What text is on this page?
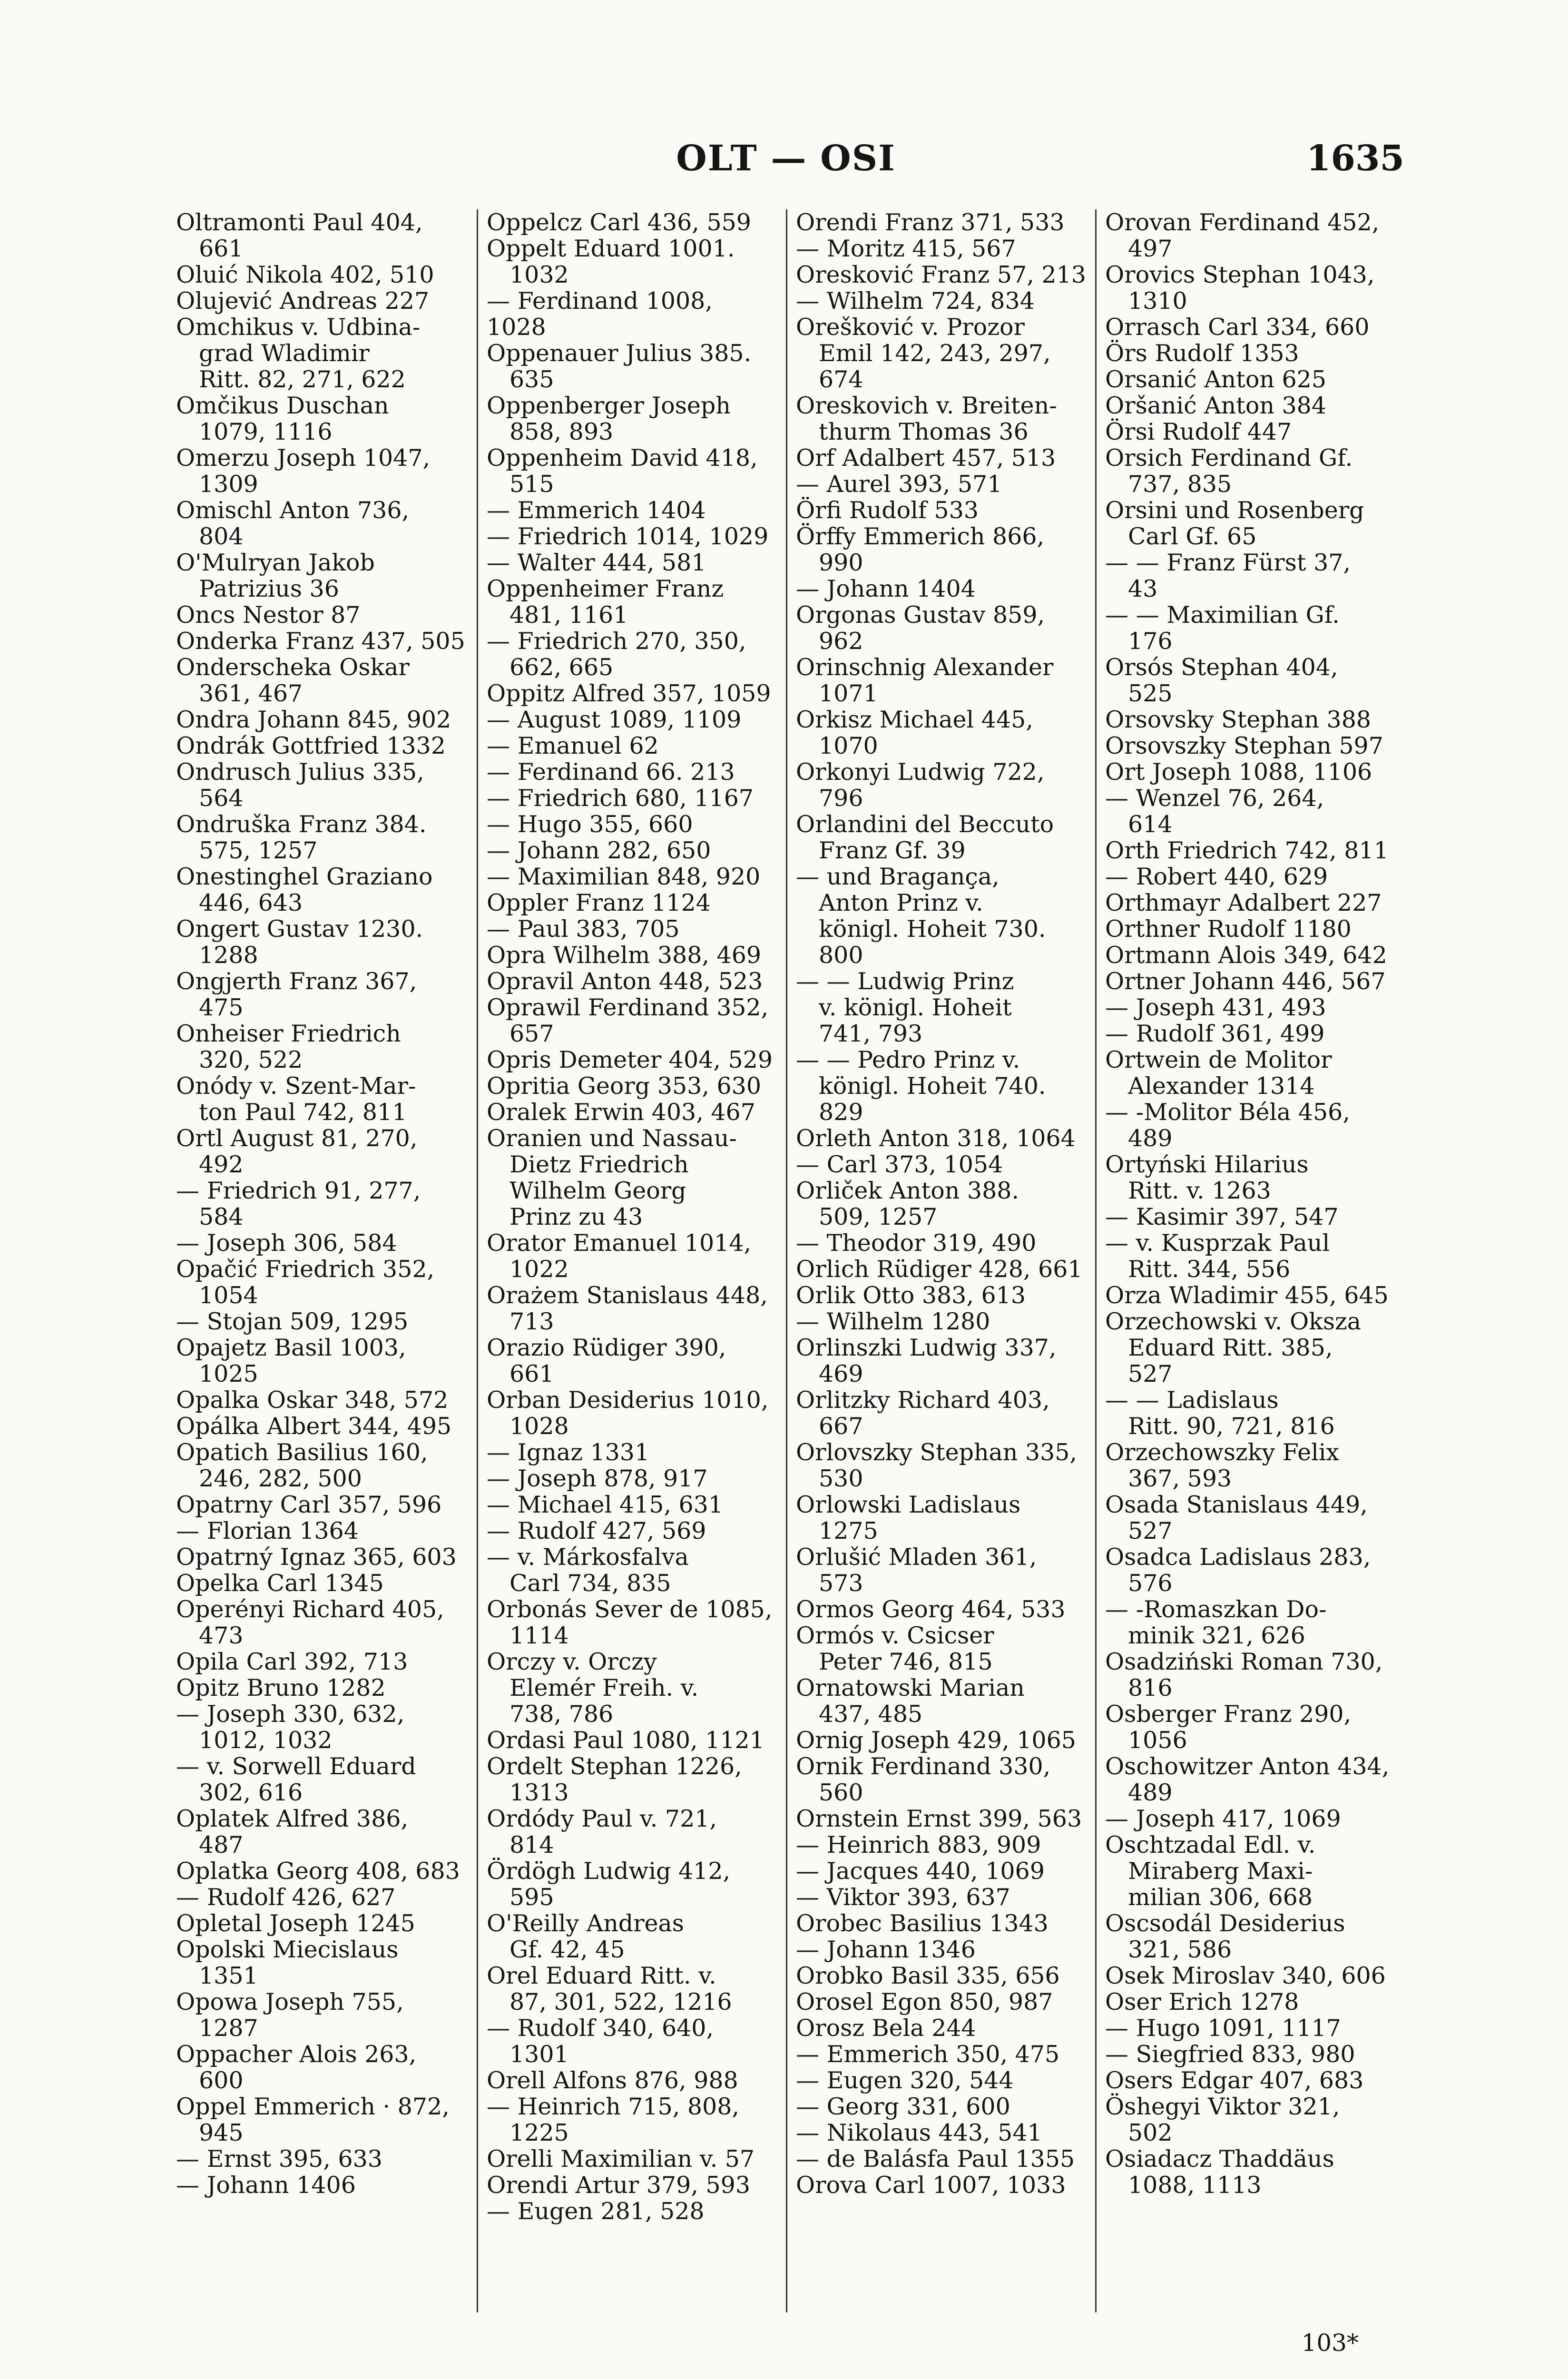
OLT — OSI	1635

Oltramonti Paul 404,

661

Oluić Nikola 402, 510

Olujević Andreas 227

Omchikus v. Udbina-

grad Wladimir

Ritt. 82, 271, 622

Omčikus Duschan

1079, 1116

Omerzu Joseph 1047,

1309

Omischl Anton 736,

804

O'Mulryan Jakob

Patrizius 36

Oncs Nestor 87

Onderka Franz 437, 505

Onderscheka Oskar

361, 467

Ondra Johann 845, 902

Ondrák Gottfried 1332

Ondrusch Julius 335,

564

Ondruška Franz 384.

575, 1257

Onestinghel Graziano

446, 643

Ongert Gustav 1230.

1288

Ongjerth Franz 367,

475

Onheiser Friedrich

320, 522

Onódy v. Szent-Mar-

ton Paul 742, 811

Ortl August 81, 270,

492

— Friedrich 91, 277,

584

— Joseph 306, 584

Opačić Friedrich 352,

1054

— Stojan 509, 1295

Opajetz Basil 1003,

1025

Opalka Oskar 348, 572

Opálka Albert 344, 495

Opatich Basilius 160,

246, 282, 500

Opatrny Carl 357, 596

— Florian 1364

Opatrný Ignaz 365, 603

Opelka Carl 1345

Operényi Richard 405,

473

Opila Carl 392, 713

Opitz Bruno 1282

— Joseph 330, 632,

1012, 1032

— v. Sorwell Eduard

302, 616

Oplatek Alfred 386,

487

Oplatka Georg 408, 683

— Rudolf 426, 627

Opletal Joseph 1245

Opolski Miecislaus

1351

Opowa Joseph 755,

1287

Oppacher Alois 263,

600

Oppel Emmerich · 872,

945

— Ernst 395, 633

— Johann 1406

Oppelcz Carl 436, 559

Oppelt Eduard 1001.

1032

— Ferdinand 1008, 1028

Oppenauer Julius 385.

635

Oppenberger Joseph

858, 893

Oppenheim David 418,

515

— Emmerich 1404

— Friedrich 1014, 1029

— Walter 444, 581

Oppenheimer Franz

481, 1161

— Friedrich 270, 350,

662, 665

Oppitz Alfred 357, 1059

— August 1089, 1109

— Emanuel 62

— Ferdinand 66. 213

— Friedrich 680, 1167

— Hugo 355, 660

— Johann 282, 650

— Maximilian 848, 920

Oppler Franz 1124

— Paul 383, 705

Opra Wilhelm 388, 469

Opravil Anton 448, 523

Oprawil Ferdinand 352,

657

Opris Demeter 404, 529

Opritia Georg 353, 630

Oralek Erwin 403, 467

Oranien und Nassau-

Dietz Friedrich

Wilhelm Georg

Prinz zu 43

Orator Emanuel 1014,

1022

Orażem Stanislaus 448,

713

Orazio Rüdiger 390,

661

Orban Desiderius 1010,

1028

— Ignaz 1331

— Joseph 878, 917

— Michael 415, 631

— Rudolf 427, 569

— v. Márkosfalva

Carl 734, 835

Orbonás Sever de 1085,

1114

Orczy v. Orczy

Elemér Freih. v.

738, 786

Ordasi Paul 1080, 1121

Ordelt Stephan 1226,

1313

Ordódy Paul v. 721,

814

Ördögh Ludwig 412,

595

O'Reilly Andreas

Gf. 42, 45

Orel Eduard Ritt. v.

87, 301, 522, 1216

— Rudolf 340, 640,

1301

Orell Alfons 876, 988

— Heinrich 715, 808,

1225

Orelli Maximilian v. 57

Orendi Artur 379, 593

— Eugen 281, 528

Orendi Franz 371, 533

— Moritz 415, 567

Oresković Franz 57, 213

— Wilhelm 724, 834

Orešković v. Prozor

Emil 142, 243, 297,

674

Oreskovich v. Breiten-

thurm Thomas 36

Orf Adalbert 457, 513

— Aurel 393, 571

Örfi Rudolf 533

Örffy Emmerich 866,

990

— Johann 1404

Orgonas Gustav 859,

962

Orinschnig Alexander

1071

Orkisz Michael 445,

1070

Orkonyi Ludwig 722,

796

Orlandini del Beccuto

Franz Gf. 39

— und Bragança,

Anton Prinz v.

königl. Hoheit 730.

800

— — Ludwig Prinz

v. königl. Hoheit

741, 793

— — Pedro Prinz v.

königl. Hoheit 740.

829

Orleth Anton 318, 1064

— Carl 373, 1054

Orliček Anton 388.

509, 1257

— Theodor 319, 490

Orlich Rüdiger 428, 661

Orlik Otto 383, 613

— Wilhelm 1280

Orlinszki Ludwig 337,

469

Orlitzky Richard 403,

667

Orlovszky Stephan 335,

530

Orlowski Ladislaus

1275

Orlušić Mladen 361,

573

Ormos Georg 464, 533

Ormós v. Csicser

Peter 746, 815

Ornatowski Marian

437, 485

Ornig Joseph 429, 1065

Ornik Ferdinand 330,

560

Ornstein Ernst 399, 563

— Heinrich 883, 909

— Jacques 440, 1069

— Viktor 393, 637

Orobec Basilius 1343

— Johann 1346

Orobko Basil 335, 656

Orosel Egon 850, 987

Orosz Bela 244

— Emmerich 350, 475

— Eugen 320, 544

— Georg 331, 600

— Nikolaus 443, 541

— de Balásfa Paul 1355

Orova Carl 1007, 1033

Orovan Ferdinand 452,

497

Orovics Stephan 1043,

1310

Orrasch Carl 334, 660

Örs Rudolf 1353

Orsanić Anton 625

Oršanić Anton 384

Örsi Rudolf 447

Orsich Ferdinand Gf.

737, 835

Orsini und Rosenberg

Carl Gf. 65

— — Franz Fürst 37,

43

— — Maximilian Gf.

176

Orsós Stephan 404,

525

Orsovsky Stephan 388

Orsovszky Stephan 597

Ort Joseph 1088, 1106

— Wenzel 76, 264,

614

Orth Friedrich 742, 811

— Robert 440, 629

Orthmayr Adalbert 227

Orthner Rudolf 1180

Ortmann Alois 349, 642

Ortner Johann 446, 567

— Joseph 431, 493

— Rudolf 361, 499

Ortwein de Molitor

Alexander 1314

— -Molitor Béla 456,

489

Ortyński Hilarius

Ritt. v. 1263

— Kasimir 397, 547

— v. Kusprzak Paul

Ritt. 344, 556

Orza Wladimir 455, 645

Orzechowski v. Oksza

Eduard Ritt. 385,

527

— — Ladislaus

Ritt. 90, 721, 816

Orzechowszky Felix

367, 593

Osada Stanislaus 449,

527

Osadca Ladislaus 283,

576

— -Romaszkan Do-

minik 321, 626

Osadziński Roman 730,

816

Osberger Franz 290,

1056

Oschowitzer Anton 434,

489

— Joseph 417, 1069

Oschtzadal Edl. v.

Miraberg Maxi-

milian 306, 668

Oscsodál Desiderius

321, 586

Osek Miroslav 340, 606

Oser Erich 1278

— Hugo 1091, 1117

— Siegfried 833, 980

Osers Edgar 407, 683

Öshegyi Viktor 321,

502

Osiadacz Thaddäus

1088, 1113

103*
